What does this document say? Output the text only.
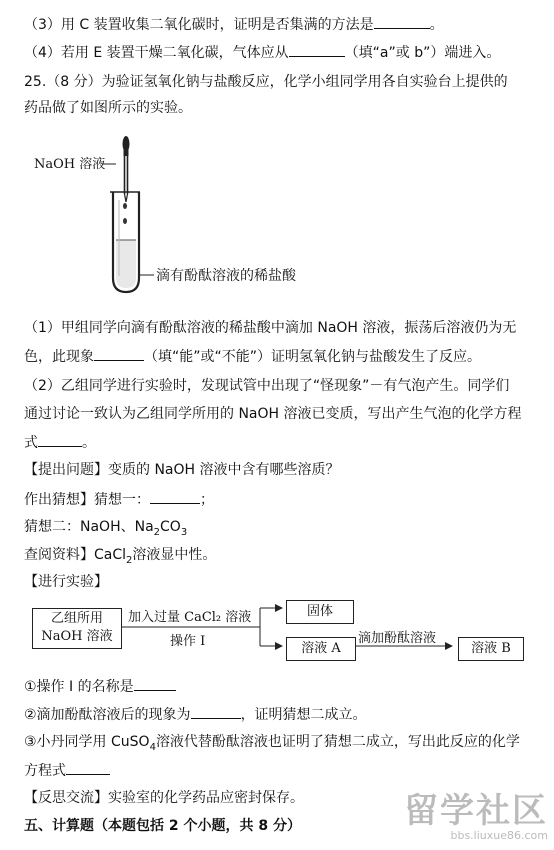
（3）用 C 装置收集二氧化碳时，证明是否集满的方法是	。
（4）若用 E 装置干燥二氧化碳，气体应从	（填“a”或 b”）端进入。
25.（8 分）为验证氢氧化钠与盐酸反应，化学小组同学用各自实验台上提供的
药品做了如图所示的实验。
NaOH 溶液
滴有酚酞溶液的稀盐酸
（1）甲组同学向滴有酚酞溶液的稀盐酸中滴加 NaOH 溶液，振荡后溶液仍为无
色，此现象	（填“能”或“不能”）证明氢氧化钠与盐酸发生了反应。
（2）乙组同学进行实验时，发现试管中出现了“怪现象”－有气泡产生。同学们
通过讨论一致认为乙组同学所用的 NaOH 溶液已变质，写出产生气泡的化学方程
式	。
【提出问题】变质的 NaOH 溶液中含有哪些溶质？
作出猜想】猜想一：	；
猜想二：NaOH、$Na_2CO_3$
查阅资料】CaCl$_2$溶液显中性。
【进行实验】
乙组所用
NaOH 溶液
加入过量 CaCl₂ 溶液
操作 I
固体
溶液 A
滴加酚酞溶液
溶液 B
①操作 I 的名称是
②滴加酚酞溶液后的现象为	，证明猜想二成立。
③小丹同学用 CuSO$_4$溶液代替酚酞溶液也证明了猜想二成立，写出此反应的化学
方程式
【反思交流】实验室的化学药品应密封保存。
五、计算题（本题包括 2 个小题，共 8 分）	留学社区
bbs.liuxue86.com
